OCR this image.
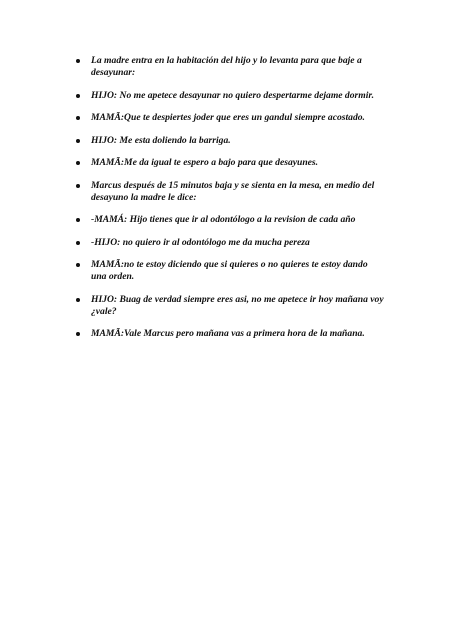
La madre entra en la habitación del hijo y lo levanta para que baje a desayunar:
HIJO: No me apetece desayunar no quiero despertarme dejame dormir.
MAMÃ:Que te despiertes joder que eres un gandul siempre acostado.
HIJO: Me esta doliendo la barriga.
MAMÃ:Me da igual te espero a bajo para que desayunes.
Marcus después de 15 minutos baja y se sienta en la mesa, en medio del desayuno la madre le dice:
-MAMÁ: Hijo tienes que ir al odontólogo a la revision de cada año
-HIJO: no quiero ir al odontólogo me da mucha pereza
MAMÃ:no te estoy diciendo que si quieres o no quieres te estoy dando una orden.
HIJO: Buag de verdad siempre eres asi, no me apetece ir hoy mañana voy ¿vale?
MAMÃ:Vale Marcus pero mañana vas a primera hora de la mañana.
